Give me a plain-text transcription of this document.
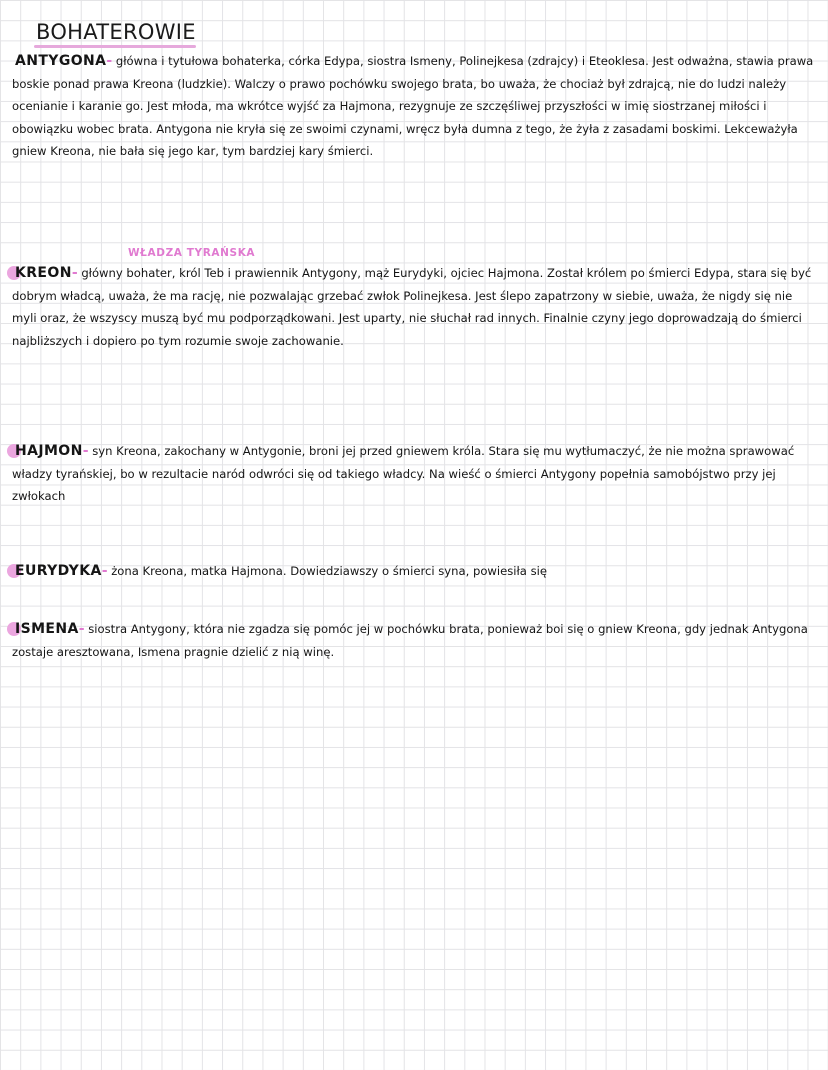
BOHATEROWIE

WŁADZA TYRAŃSKA

ANTYGONA- główna i tytułowa bohaterka, córka Edypa, siostra Ismeny, Polinejkesa (zdrajcy) i Eteoklesa. Jest odważna, stawia prawa boskie ponad prawa Kreona (ludzkie). Walczy o prawo pochówku swojego brata, bo uważa, że chociaż był zdrajcą, nie do ludzi należy ocenianie i karanie go. Jest młoda, ma wkrótce wyjść za Hajmona, rezygnuje ze szczęśliwej przyszłości w imię siostrzanej miłości i obowiązku wobec brata. Antygona nie kryła się ze swoimi czynami, wręcz była dumna z tego, że żyła z zasadami boskimi. Lekceważyła gniew Kreona, nie bała się jego kar, tym bardziej kary śmierci.

KREON- główny bohater, król Teb i prawiennik Antygony, mąż Eurydyki, ojciec Hajmona. Został królem po śmierci Edypa, stara się być dobrym władcą, uważa, że ma rację, nie pozwalając grzebać zwłok Polinejkesa. Jest ślepo zapatrzony w siebie, uważa, że nigdy się nie myli oraz, że wszyscy muszą być mu podporządkowani. Jest uparty, nie słuchał rad innych. Finalnie czyny jego doprowadzają do śmierci najbliższych i dopiero po tym rozumie swoje zachowanie.

HAJMON- syn Kreona, zakochany w Antygonie, broni jej przed gniewem króla. Stara się mu wytłumaczyć, że nie można sprawować władzy tyrańskiej, bo w rezultacie naród odwróci się od takiego władcy. Na wieść o śmierci Antygony popełnia samobójstwo przy jej zwłokach

EURYDYKA- żona Kreona, matka Hajmona. Dowiedziawszy o śmierci syna, powiesiła się

ISMENA- siostra Antygony, która nie zgadza się pomóc jej w pochówku brata, ponieważ boi się o gniew Kreona, gdy jednak Antygona zostaje aresztowana, Ismena pragnie dzielić z nią winę.
